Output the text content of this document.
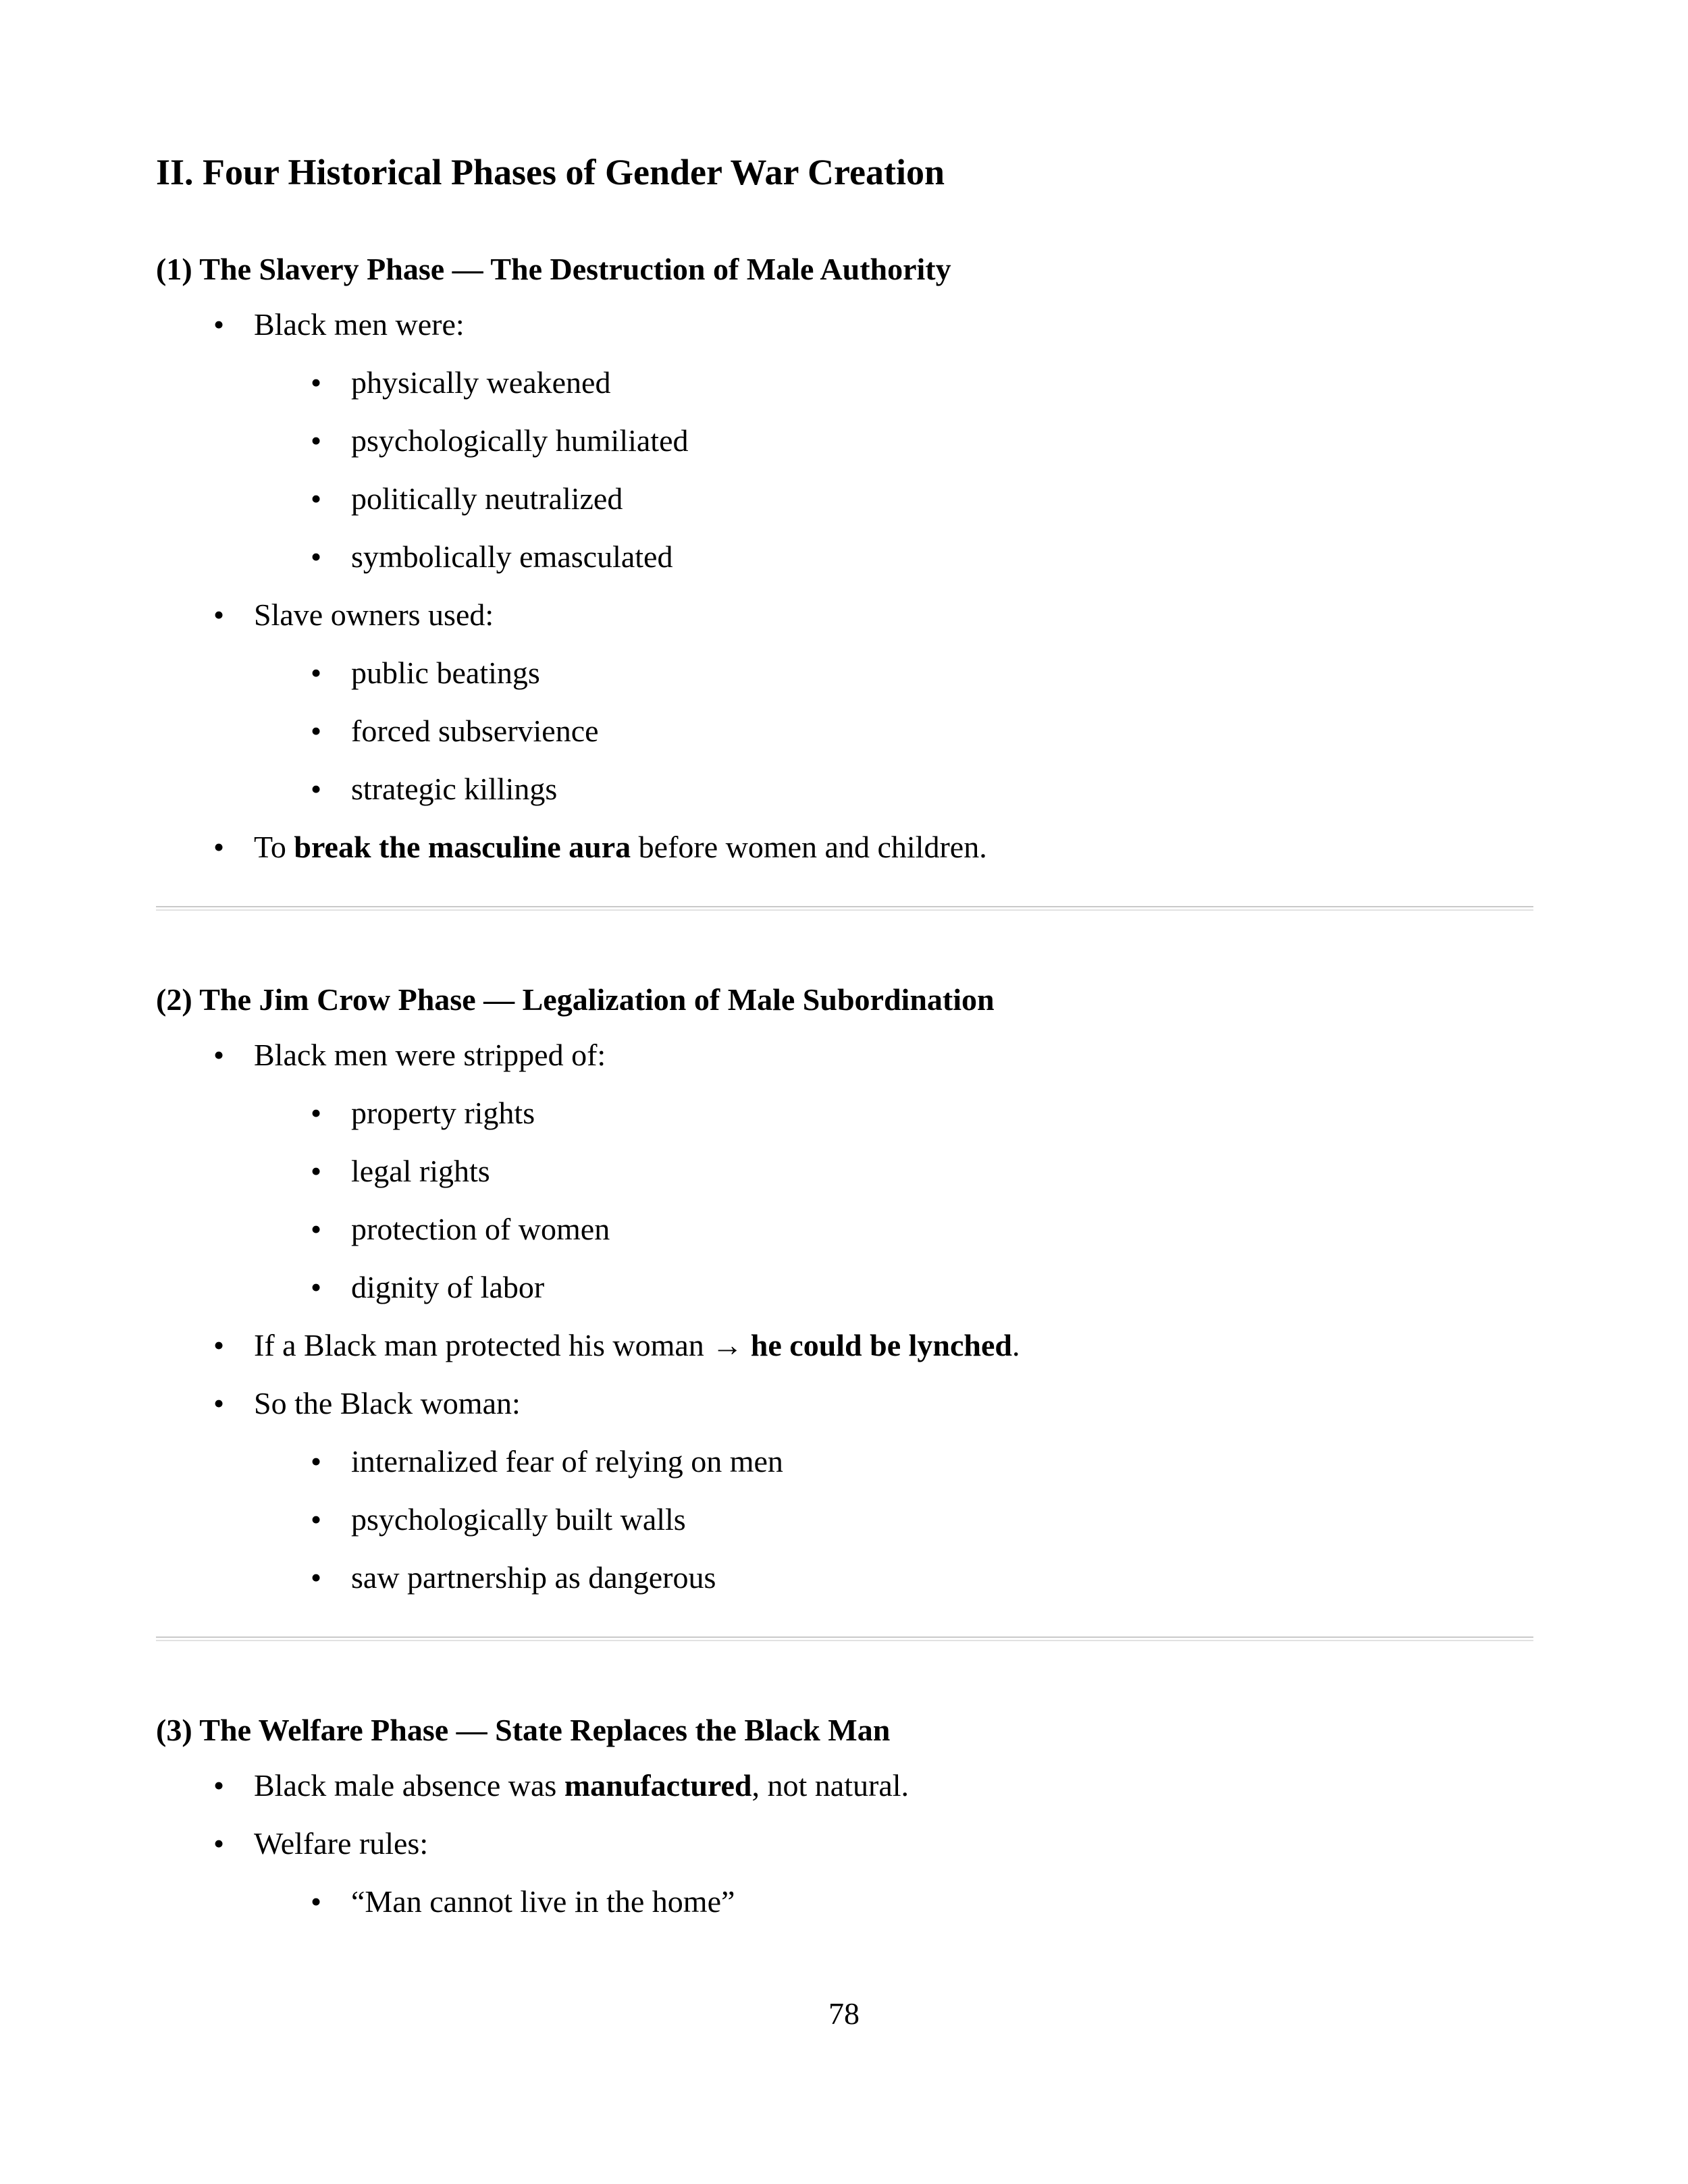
II. Four Historical Phases of Gender War Creation
(1) The Slavery Phase — The Destruction of Male Authority
• Black men were:
• physically weakened
• psychologically humiliated
• politically neutralized
• symbolically emasculated
• Slave owners used:
• public beatings
• forced subservience
• strategic killings
• To break the masculine aura before women and children.
(2) The Jim Crow Phase — Legalization of Male Subordination
• Black men were stripped of:
• property rights
• legal rights
• protection of women
• dignity of labor
• If a Black man protected his woman → he could be lynched.
• So the Black woman:
• internalized fear of relying on men
• psychologically built walls
• saw partnership as dangerous
(3) The Welfare Phase — State Replaces the Black Man
• Black male absence was manufactured, not natural.
• Welfare rules:
• “Man cannot live in the home”
78
